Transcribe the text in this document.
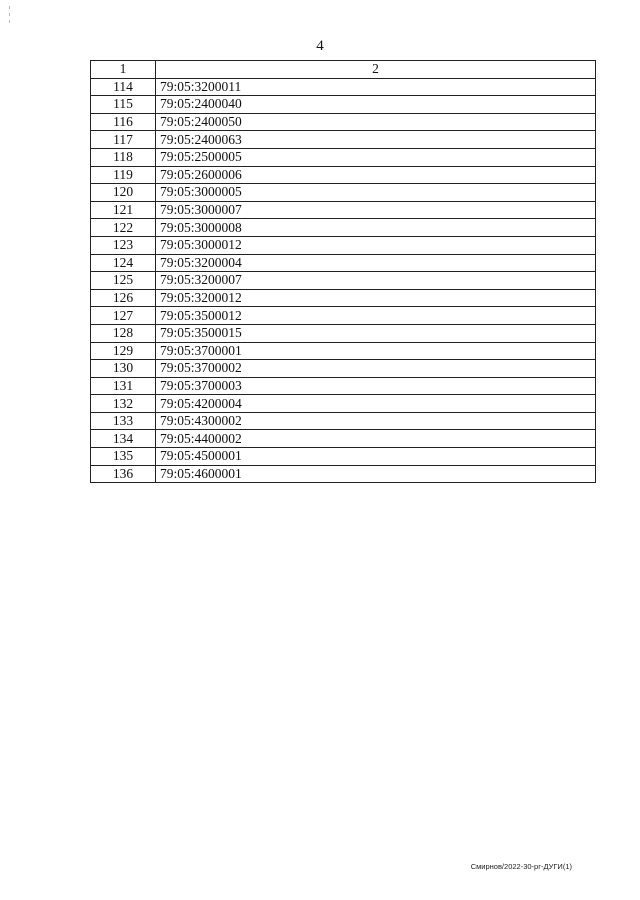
4
1	2
114	79:05:3200011
115	79:05:2400040
116	79:05:2400050
117	79:05:2400063
118	79:05:2500005
119	79:05:2600006
120	79:05:3000005
121	79:05:3000007
122	79:05:3000008
123	79:05:3000012
124	79:05:3200004
125	79:05:3200007
126	79:05:3200012
127	79:05:3500012
128	79:05:3500015
129	79:05:3700001
130	79:05:3700002
131	79:05:3700003
132	79:05:4200004
133	79:05:4300002
134	79:05:4400002
135	79:05:4500001
136	79:05:4600001
Смирнов/2022-30-рг-ДУГИ(1)
